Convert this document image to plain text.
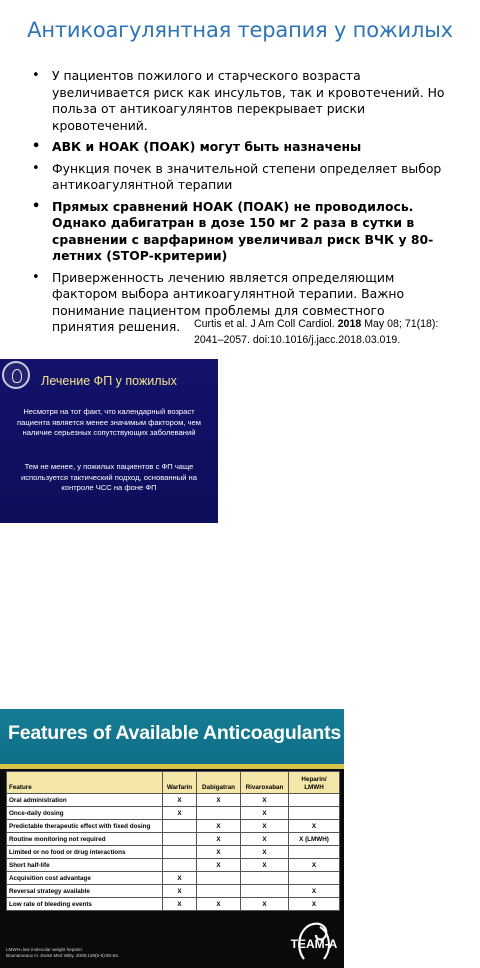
Антикоагулянтная терапия у пожилых
• У пациентов пожилого и старческого возраста увеличивается риск как инсультов, так и кровотечений. Но польза от антикоагулянтов перекрывает риски кровотечений.
• АВК и НОАК (ПОАК) могут быть назначены
• Функция почек в значительной степени определяет выбор антикоагулянтной терапии
• Прямых сравнений НОАК (ПОАК) не проводилось. Однако дабигатран в дозе 150 мг 2 раза в сутки в сравнении с варфарином увеличивал риск ВЧК у 80-летних (STOP-критерии)
• Приверженность лечению является определяющим фактором выбора антикоагулянтной терапии. Важно понимание пациентом проблемы для совместного принятия решения.	Curtis et al. J Am Coll Cardiol. 2018 May 08; 71(18): 2041–2057. doi:10.1016/j.jacc.2018.03.019.
Лечение ФП у пожилых
Несмотря на тот факт, что календарный возраст пациента является менее значимым фактором, чем наличие серьезных сопутствующих заболеваний
Тем не менее, у пожилых пациентов с ФП чаще используется тактический подход, основанный на контроле ЧСС на фоне ФП
Features of Available Anticoagulants
Feature	Warfarin	Dabigatran	Rivaroxaban	Heparin/ LMWH
Oral administration	X	X	X	
Once-daily dosing	X		X	
Predictable therapeutic effect with fixed dosing		X	X	X
Routine monitoring not required		X	X	X (LMWH)
Limited or no food or drug interactions		X	X	
Short half-life		X	X	X
Acquisition cost advantage	X			
Reversal strategy available	X			X
Low rate of bleeding events	X	X	X	X
LMWH=low molecular weight heparin
Bounameaux H. Swiss Med Wkly. 2009;139(5-6):60-64.
TEAM-A
